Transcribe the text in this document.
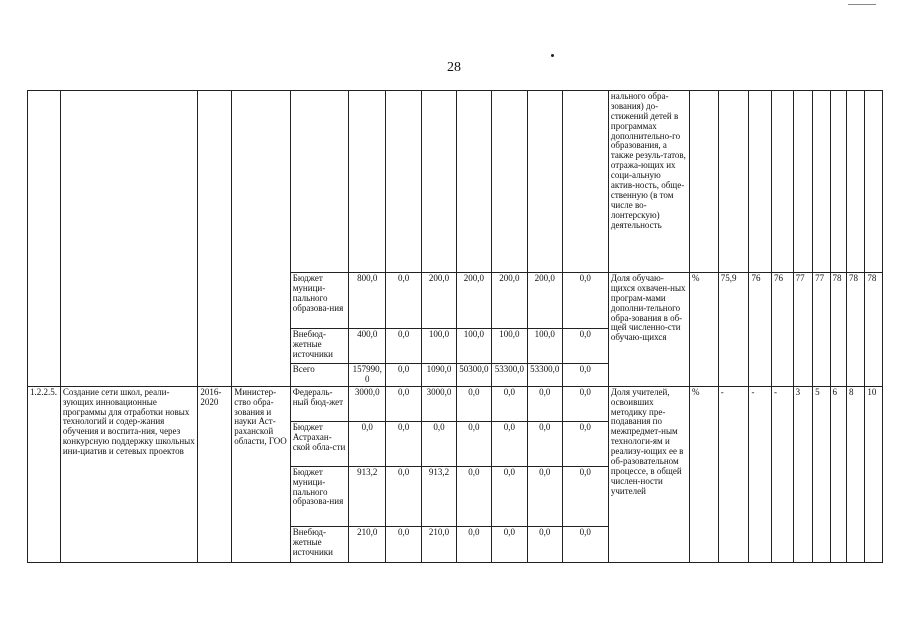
28
												нального обра-зования) до-стижений детей в программах дополнительно-го образования, а также резуль-татов, отража-ющих их соци-альную актив-ность, обще-ственную (в том числе во-лонтерскую) деятельность									
				Бюджет муници-пального образова-ния	800,0	0,0	200,0	200,0	200,0	200,0	0,0	Доля обучаю-щихся охвачен-ных програм-мами дополни-тельного обра-зования в об-щей численно-сти обучаю-щихся	%	75,9	76	76	77	77	78	78	78
				Внебюд-жетные источники	400,0	0,0	100,0	100,0	100,0	100,0	0,0										
				Всего	157990,0	0,0	1090,0	50300,0	53300,0	53300,0	0,0										
1.2.2.5.	Создание сети школ, реали-зующих инновационные программы для отработки новых технологий и содер-жания обучения и воспита-ния, через конкурсную поддержку школьных ини-циатив и сетевых проектов	2016-2020	Министер-ство обра-зования и науки Аст-раханской области, ГОО	Федераль-ный бюд-жет	3000,0	0,0	3000,0	0,0	0,0	0,0	0,0	Доля учителей, освоивших методику пре-подавания по межпредмет-ным технологи-ям и реализу-ющих ее в об-разовательном процессе, в общей числен-ности учителей	%	-	-	-	3	5	6	8	10
				Бюджет Астрахан-ской обла-сти	0,0	0,0	0,0	0,0	0,0	0,0	0,0										
				Бюджет муници-пального образова-ния	913,2	0,0	913,2	0,0	0,0	0,0	0,0										
				Внебюд-жетные источники	210,0	0,0	210,0	0,0	0,0	0,0	0,0										
